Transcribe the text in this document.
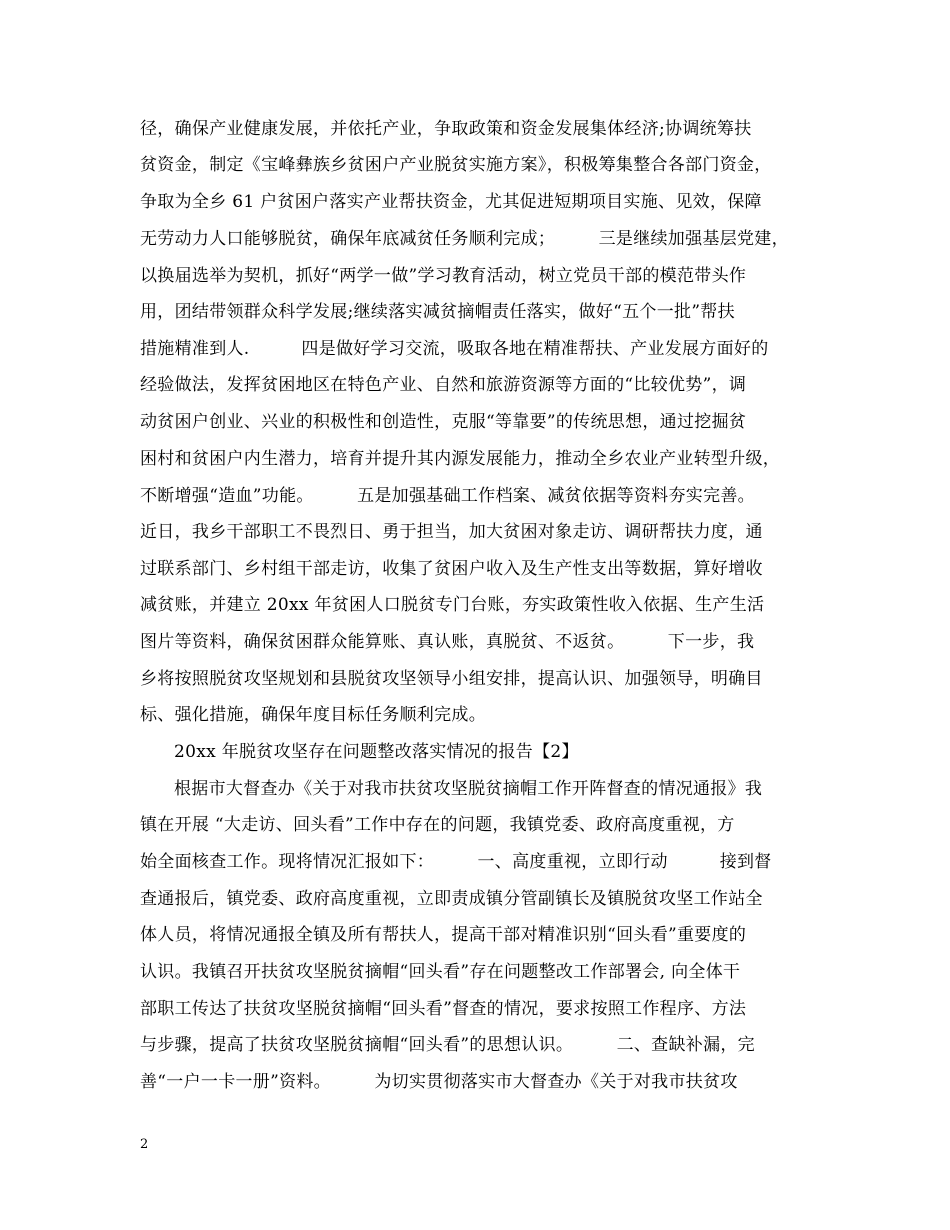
径，确保产业健康发展，并依托产业，争取政策和资金发展集体经济;协调统筹扶
贫资金，制定《宝峰彝族乡贫困户产业脱贫实施方案》，积极筹集整合各部门资金，
争取为全乡 61 户贫困户落实产业帮扶资金，尤其促进短期项目实施、见效，保障
无劳动力人口能够脱贫，确保年底减贫任务顺利完成；　　　三是继续加强基层党建，
以换届选举为契机，抓好“两学一做”学习教育活动，树立党员干部的模范带头作
用，团结带领群众科学发展;继续落实减贫摘帽责任落实，做好“五个一批”帮扶
措施精准到人.　　　四是做好学习交流，吸取各地在精准帮扶、产业发展方面好的
经验做法，发挥贫困地区在特色产业、自然和旅游资源等方面的“比较优势”，调
动贫困户创业、兴业的积极性和创造性，克服“等靠要”的传统思想，通过挖掘贫
困村和贫困户内生潜力，培育并提升其内源发展能力，推动全乡农业产业转型升级，
不断增强“造血”功能。　　　五是加强基础工作档案、减贫依据等资料夯实完善。
近日，我乡干部职工不畏烈日、勇于担当，加大贫困对象走访、调研帮扶力度，通
过联系部门、乡村组干部走访，收集了贫困户收入及生产性支出等数据，算好增收
减贫账，并建立 20xx 年贫困人口脱贫专门台账，夯实政策性收入依据、生产生活
图片等资料，确保贫困群众能算账、真认账，真脱贫、不返贫。　　　下一步，我
乡将按照脱贫攻坚规划和县脱贫攻坚领导小组安排，提高认识、加强领导，明确目
标、强化措施，确保年度目标任务顺利完成。
20xx 年脱贫攻坚存在问题整改落实情况的报告【2】
根据市大督查办《关于对我市扶贫攻坚脱贫摘帽工作开阵督查的情况通报》我
镇在开展 “大走访、回头看”工作中存在的问题，我镇党委、政府高度重视，方
始全面核查工作。现将情况汇报如下：　　　一、高度重视，立即行动　　　接到督
查通报后，镇党委、政府高度重视，立即责成镇分管副镇长及镇脱贫攻坚工作站全
体人员，将情况通报全镇及所有帮扶人，提高干部对精准识别“回头看”重要度的
认识。我镇召开扶贫攻坚脱贫摘帽“回头看”存在问题整改工作部署会, 向全体干
部职工传达了扶贫攻坚脱贫摘帽“回头看”督查的情况，要求按照工作程序、方法
与步骤，提高了扶贫攻坚脱贫摘帽“回头看”的思想认识。　　　二、查缺补漏，完
善“一户一卡一册”资料。　　　为切实贯彻落实市大督查办《关于对我市扶贫攻
2
